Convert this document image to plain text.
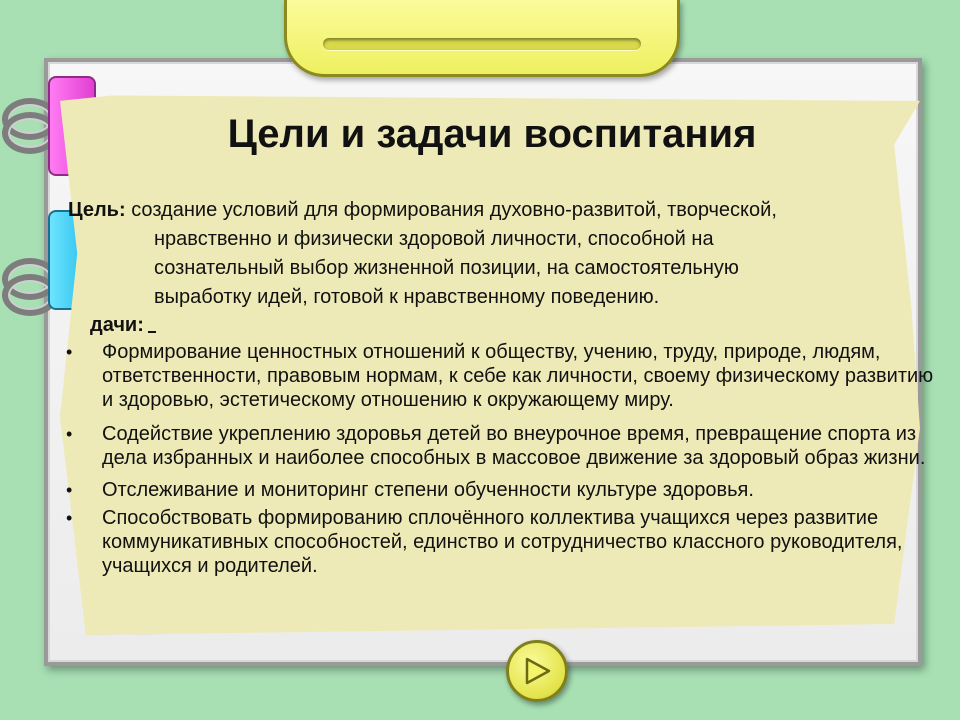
Цели и задачи воспитания
Цель: создание условий для формирования духовно-развитой, творческой,
нравственно и физически здоровой личности, способной на
сознательный выбор жизненной позиции, на самостоятельную
выработку идей, готовой к нравственному поведению.
дачи:
• Формирование ценностных отношений к обществу, учению, труду, природе, людям, ответственности, правовым нормам, к себе как личности, своему физическому развитию и здоровью, эстетическому отношению к окружающему миру.
• Содействие укреплению здоровья детей во внеурочное время, превращение спорта из дела избранных и наиболее способных в массовое движение за здоровый образ жизни.
• Отслеживание и мониторинг степени обученности культуре здоровья.
• Способствовать формированию сплочённого коллектива учащихся через развитие коммуникативных способностей, единство и сотрудничество классного руководителя, учащихся и родителей.
